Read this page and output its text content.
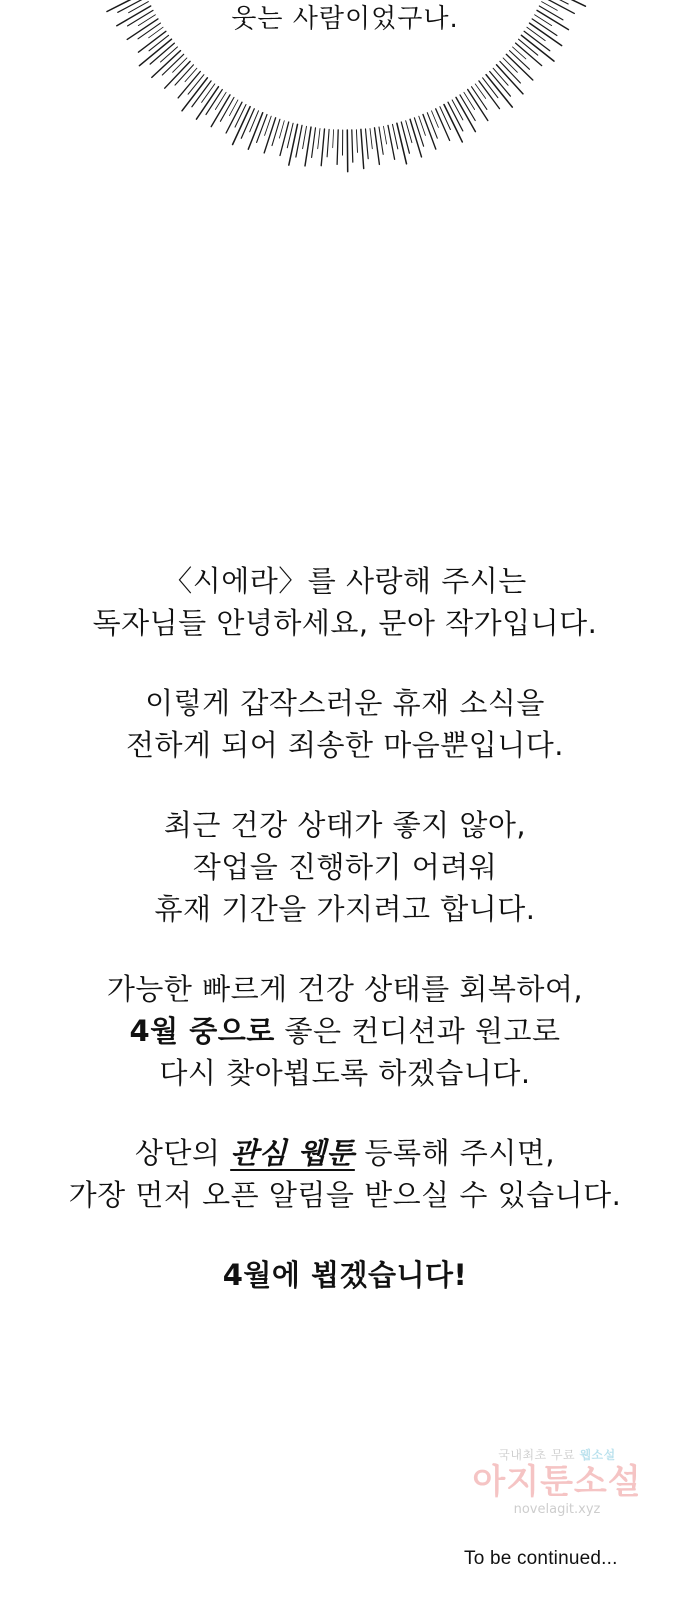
웃는 사람이었구나.
〈시에라〉를 사랑해 주시는
독자님들 안녕하세요, 문아 작가입니다.
이렇게 갑작스러운 휴재 소식을
전하게 되어 죄송한 마음뿐입니다.
최근 건강 상태가 좋지 않아,
작업을 진행하기 어려워
휴재 기간을 가지려고 합니다.
가능한 빠르게 건강 상태를 회복하여,
4월 중으로 좋은 컨디션과 원고로
다시 찾아뵙도록 하겠습니다.
상단의 관심 웹툰 등록해 주시면,
가장 먼저 오픈 알림을 받으실 수 있습니다.
4월에 뵙겠습니다!
국내최초 무료 웹소설
아지툰소설
novelagit.xyz
To be continued...
